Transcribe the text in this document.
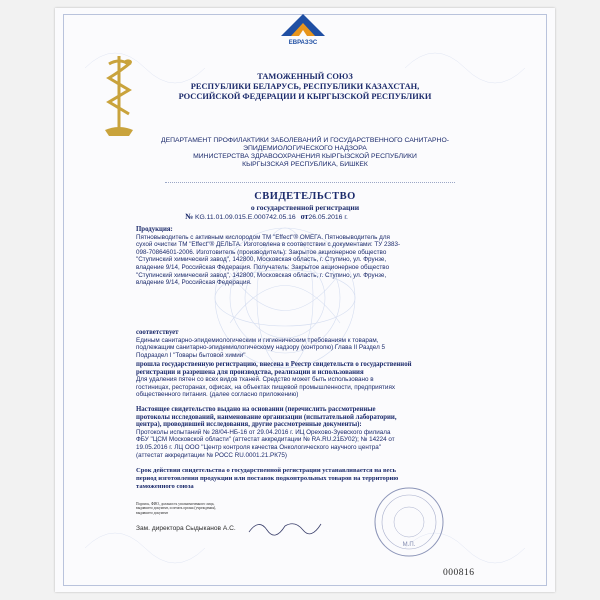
ЕВРАЗЭС
ТАМОЖЕННЫЙ СОЮЗ
РЕСПУБЛИКИ БЕЛАРУСЬ, РЕСПУБЛИКИ КАЗАХСТАН,
РОССИЙСКОЙ ФЕДЕРАЦИИ И КЫРГЫЗСКОЙ РЕСПУБЛИКИ
ДЕПАРТАМЕНТ ПРОФИЛАКТИКИ ЗАБОЛЕВАНИЙ И ГОСУДАРСТВЕННОГО САНИТАРНО-
ЭПИДЕМИОЛОГИЧЕСКОГО НАДЗОРА
МИНИСТЕРСТВА ЗДРАВООХРАНЕНИЯ КЫРГЫЗСКОЙ РЕСПУБЛИКИ
КЫРГЫЗСКАЯ РЕСПУБЛИКА, БИШКЕК
СВИДЕТЕЛЬСТВО
о государственной регистрации
№ KG.11.01.09.015.Е.000742.05.16 от26.05.2016 г.
Продукция:
Пятновыводитель с активным кислородом ТМ "Effect"® ОМЕГА. Пятновыводитель для
сухой очистки ТМ "Effect"® ДЕЛЬТА. Изготовлена в соответствии с документами: ТУ 2383-
098-70864601-2006. Изготовитель (производитель): Закрытое акционерное общество
"Ступинский химический завод", 142800, Московская область, г. Ступино, ул. Фрунзе,
владение 9/14, Российская Федерация. Получатель: Закрытое акционерное общество
"Ступинский химический завод", 142800, Московская область, г. Ступино, ул. Фрунзе,
владение 9/14, Российская Федерация.
соответствует
Единым санитарно-эпидемиологическим и гигиеническим требованиям к товарам,
подлежащим санитарно-эпидемиологическому надзору (контролю) Глава II Раздел 5
Подраздел I "Товары бытовой химии"
прошла государственную регистрацию, внесена в Реестр свидетельств о государственной
регистрации и разрешена для производства, реализации и использования
Для удаления пятен со всех видов тканей. Средство может быть использовано в
гостиницах, ресторанах, офисах, на объектах пищевой промышленности, предприятиях
общественного питания. (далее согласно приложению)
Настоящее свидетельство выдано на основании (перечислить рассмотренные
протоколы исследований, наименование организации (испытательной лаборатории,
центра), проводившей исследования, другие рассмотренные документы):
Протоколы испытаний № 28/04-НБ-16 от 29.04.2016 г. ИЦ Орехово-Зуевского филиала
ФБУ "ЦСМ Московской области" (аттестат аккредитации № RA.RU.21БУ02); № 14224 от
19.05.2016 г. ЛЦ ООО "Центр контроля качества Онкологического научного центра"
(аттестат аккредитации № РОСС RU.0001.21.РК75)
Срок действия свидетельства о государственной регистрации устанавливается на весь
период изготовления продукции или поставок подконтрольных товаров на территорию
таможенного союза
Подпись, ФИО, должность уполномоченного лица,
выдавшего документ, и печать органа (учреждения),
выдавшего документ
Зам. директора Сыдыканов А.С.
М.П.
000816
